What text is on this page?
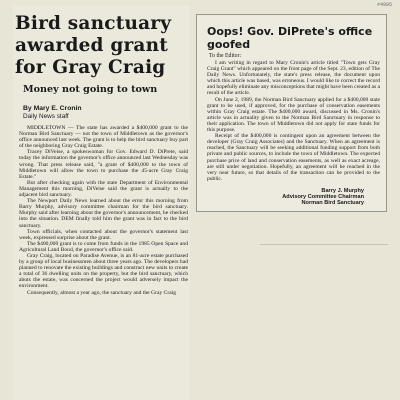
Bird sanctuary awarded grant for Gray Craig
Money not going to town
By Mary E. Cronin
Daily News staff

MIDDLETOWN — The state has awarded a $400,000 grant to the Norman Bird Sanctuary — not the town of Middletown as the governor's office announced last week. The grant is to help the bird sanctuary buy part of the neighboring Gray Craig Estate.

Tracey DiVeise, a spokeswoman for Gov. Edward D. DiPrete, said today the information the governor's office announced last Wednesday was wrong. That press release said, "a grant of $400,000 to the town of Middletown will allow the town to purchase the 45-acre Gray Craig Estate."

But after checking again with the state Department of Environmental Management this morning, DiVeise said the grant is actually to the adjacent bird sanctuary.

The Newport Daily News learned about the error this morning from Barry Murphy, advisory committee chairman for the bird sanctuary. Murphy said after learning about the governor's announcement, he checked into the situation. DEM finally told him the grant was in fact to the bird sanctuary.

Town officials, when contacted about the governor's statement last week, expressed surprise about the grant.

The $400,000 grant is to come from funds in the 1985 Open Space and Agricultural Land Bond, the governor's office said.

Gray Craig, located on Paradise Avenue, is an 81-acre estate purchased by a group of local businessmen about three years ago. The developers had planned to renovate the existing buildings and construct new units to create a total of 36 dwelling units on the property, but the bird sanctuary, which abuts the estate, was concerned the project would adversely impact the environment.

Consequently, almost a year ago, the sanctuary and the Gray Craig

Oops! Gov. DiPrete's office goofed
To the Editor:

I am writing in regard to Mary Cronin's article titled "Town gets Gray Craig Grant" which appeared on the front page of the Sept. 23, edition of The Daily News. Unfortunately, the state's press release, the document upon which this article was based, was erroneous. I would like to correct the record and hopefully eliminate any misconceptions that might have been created as a result of the article.

On June 2, 1989, the Norman Bird Sanctuary applied for a $400,000 state grant to be used, if approved, for the purchase of conservation easements within Gray Craig estate. The $400,000 award, discussed in Ms. Cronin's article was in actuality given to the Norman Bird Sanctuary in response to their application. The town of Middletown did not apply for state funds for this purpose.

Receipt of the $400,000 is contingent upon an agreement between the developer (Gray Craig Associates) and the Sanctuary. When an agreement is reached, the Sanctuary will be seeking additional funding support from both private and public sources, to include the town of Middletown. The expected purchase price of land and conservation easements, as well as exact acreage, are still under negotiation. Hopefully, an agreement will be reached in the very near future, so that details of the transaction can be provided to the public.

Barry J. Murphy
Advisory Committee Chairman
Norman Bird Sanctuary
#4905
